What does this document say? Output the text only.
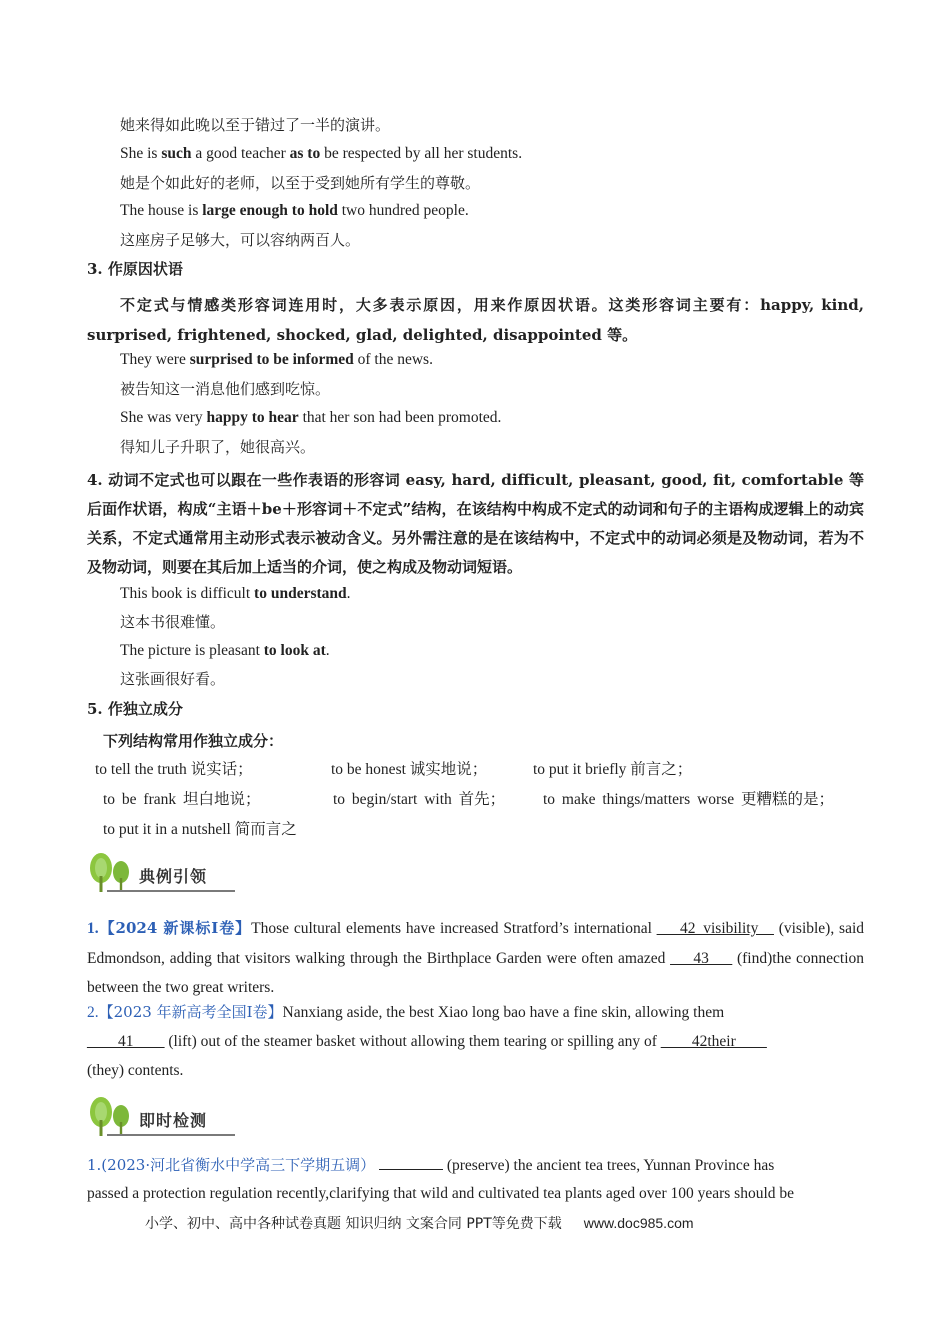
她来得如此晚以至于错过了一半的演讲。
She is such a good teacher as to be respected by all her students.
她是个如此好的老师，以至于受到她所有学生的尊敬。
The house is large enough to hold two hundred people.
这座房子足够大，可以容纳两百人。
3. 作原因状语
不定式与情感类形容词连用时，大多表示原因，用来作原因状语。这类形容词主要有：happy, kind, surprised, frightened, shocked, glad, delighted, disappointed 等。
They were surprised to be informed of the news.
被告知这一消息他们感到吃惊。
She was very happy to hear that her son had been promoted.
得知儿子升职了，她很高兴。
4. 动词不定式也可以跟在一些作表语的形容词 easy, hard, difficult, pleasant, good, fit, comfortable 等后面作状语，构成“主语＋be＋形容词＋不定式”结构，在该结构中构成不定式的动词和句子的主语构成逻辑上的动宾关系，不定式通常用主动形式表示被动含义。另外需注意的是在该结构中，不定式中的动词必须是及物动词，若为不及物动词，则要在其后加上适当的介词，使之构成及物动词短语。
This book is difficult to understand.
这本书很难懂。
The picture is pleasant to look at.
这张画很好看。
5. 作独立成分
下列结构常用作独立成分：
to tell the truth 说实话；	to be honest 诚实地说；	to put it briefly 前言之；
to be frank 坦白地说；	to begin/start with 首先； to make things/matters worse 更糟糕的是；
to put it in a nutshell 简而言之
典例引领
1.【2024 新课标Ⅰ卷】Those cultural elements have increased Stratford’s international ___42_visibility__ (visible), said Edmondson, adding that visitors walking through the Birthplace Garden were often amazed ___43___ (find)the connection between the two great writers.
2.【2023 年新高考全国Ⅰ卷】Nanxiang aside, the best Xiao long bao have a fine skin, allowing them
____41____ (lift) out of the steamer basket without allowing them tearing or spilling any of ____42their____
(they) contents.
即时检测
1.(2023·河北省衡水中学高三下学期五调）	(preserve) the ancient tea trees, Yunnan Province has
passed a protection regulation recently,clarifying that wild and cultivated tea plants aged over 100 years should be
小学、初中、高中各种试卷真题 知识归纳 文案合同 PPT等免费下载 www.doc985.com
